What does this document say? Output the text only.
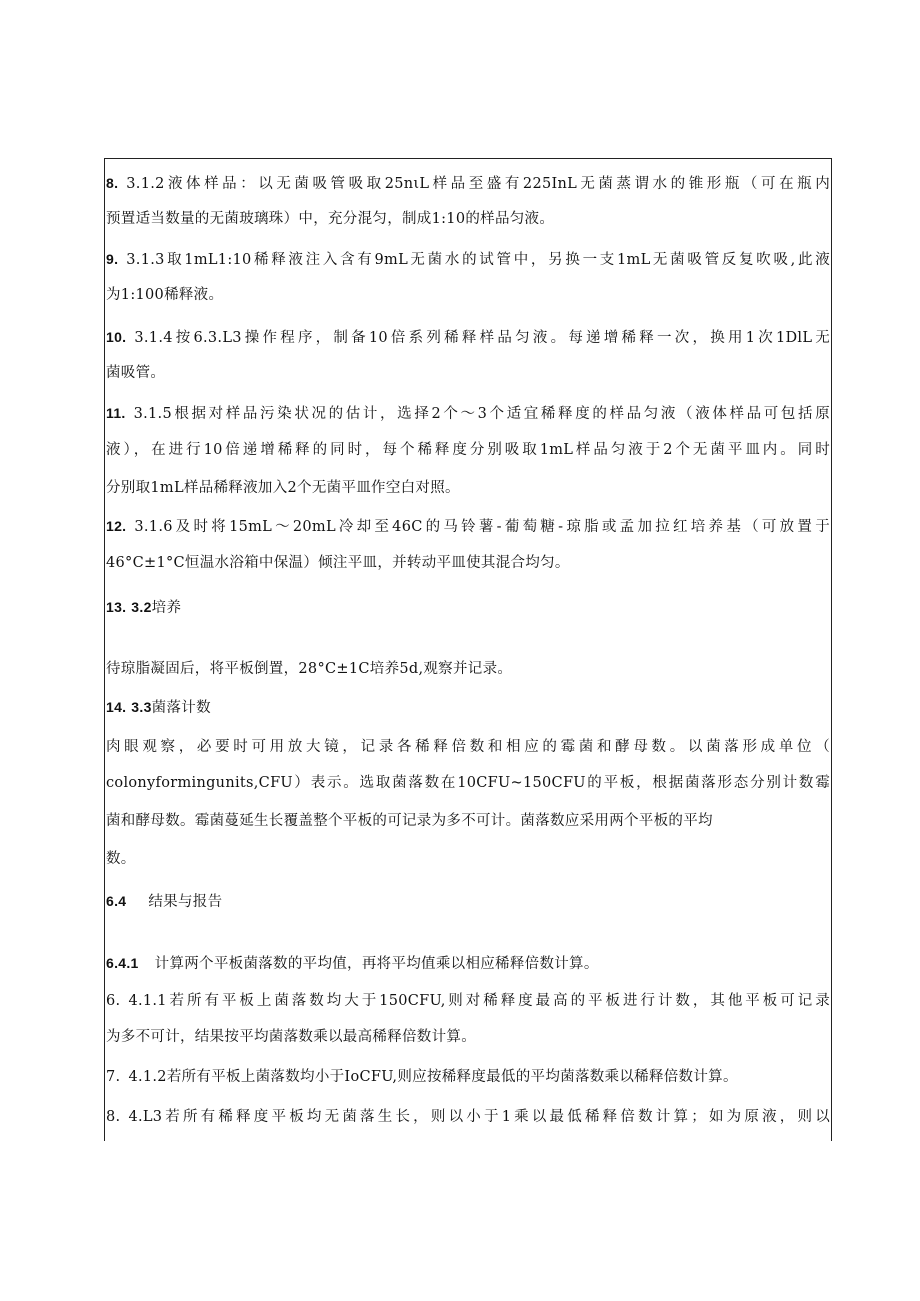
8. 3.1.2液体样品：以无菌吸管吸取25nιL样品至盛有225InL无菌蒸谓水的锥形瓶（可在瓶内
预置适当数量的无菌玻璃珠）中，充分混匀，制成1:10的样品匀液。
9. 3.1.3取1mL1:10稀释液注入含有9mL无菌水的试管中，另换一支1mL无菌吸管反复吹吸,此液
为1:100稀释液。
10. 3.1.4按6.3.L3操作程序，制备10倍系列稀释样品匀液。每递增稀释一次，换用1次1DlL无
菌吸管。
11. 3.1.5根据对样品污染状况的估计，选择2个～3个适宜稀释度的样品匀液（液体样品可包括原
液），在进行10倍递增稀释的同时，每个稀释度分别吸取1mL样品匀液于2个无菌平皿内。同时
分别取1mL样品稀释液加入2个无菌平皿作空白对照。
12. 3.1.6及时将15mL～20mL冷却至46C的马铃薯-葡萄糖-琼脂或孟加拉红培养基（可放置于
46°C±1°C恒温水浴箱中保温）倾注平皿，并转动平皿使其混合均匀。
13. 3.2培养
待琼脂凝固后，将平板倒置，28°C±1C培养5d,观察并记录。
14. 3.3菌落计数
肉眼观察，必要时可用放大镜，记录各稀释倍数和相应的霉菌和酵母数。以菌落形成单位（
colonyformingunits,CFU）表示。选取菌落数在10CFU~150CFU的平板，根据菌落形态分别计数霉
菌和酵母数。霉菌蔓延生长覆盖整个平板的可记录为多不可计。菌落数应采用两个平板的平均
数。
6.4 结果与报告
6.4.1 计算两个平板菌落数的平均值，再将平均值乘以相应稀释倍数计算。
6. 4.1.1若所有平板上菌落数均大于150CFU,则对稀释度最高的平板进行计数，其他平板可记录
为多不可计，结果按平均菌落数乘以最高稀释倍数计算。
7. 4.1.2若所有平板上菌落数均小于IoCFU,则应按稀释度最低的平均菌落数乘以稀释倍数计算。
8. 4.L3若所有稀释度平板均无菌落生长，则以小于1乘以最低稀释倍数计算；如为原液，则以
